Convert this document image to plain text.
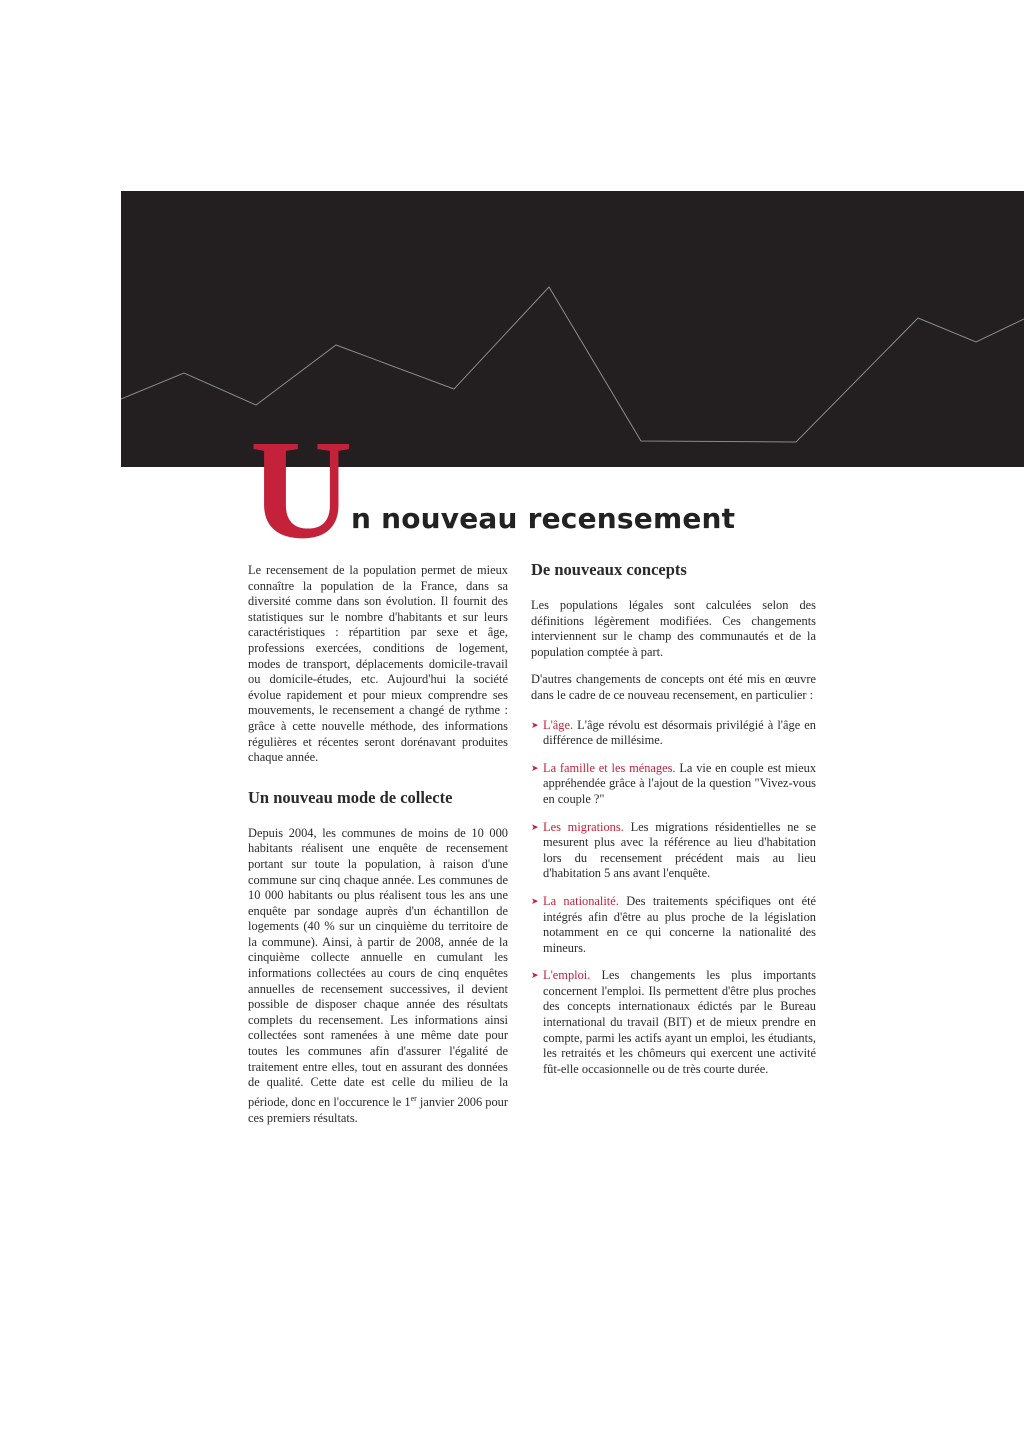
U
n nouveau recensement

Le recensement de la population permet de mieux connaître la population de la France, dans sa diversité comme dans son évolution. Il fournit des statistiques sur le nombre d'habitants et sur leurs caractéristiques : répartition par sexe et âge, professions exercées, conditions de logement, modes de transport, déplacements domicile-travail ou domicile-études, etc. Aujourd'hui la société évolue rapidement et pour mieux comprendre ses mouvements, le recensement a changé de rythme : grâce à cette nouvelle méthode, des informations régulières et récentes seront dorénavant produites chaque année.

Un nouveau mode de collecte

Depuis 2004, les communes de moins de 10 000 habitants réalisent une enquête de recensement portant sur toute la population, à raison d'une commune sur cinq chaque année. Les communes de 10 000 habitants ou plus réalisent tous les ans une enquête par sondage auprès d'un échantillon de logements (40 % sur un cinquième du territoire de la commune). Ainsi, à partir de 2008, année de la cinquième collecte annuelle en cumulant les informations collectées au cours de cinq enquêtes annuelles de recensement successives, il devient possible de disposer chaque année des résultats complets du recensement. Les informations ainsi collectées sont ramenées à une même date pour toutes les communes afin d'assurer l'égalité de traitement entre elles, tout en assurant des données de qualité. Cette date est celle du milieu de la période, donc en l'occurence le 1er janvier 2006 pour ces premiers résultats.

De nouveaux concepts

Les populations légales sont calculées selon des définitions légèrement modifiées. Ces changements interviennent sur le champ des communautés et de la population comptée à part.

D'autres changements de concepts ont été mis en œuvre dans le cadre de ce nouveau recensement, en particulier :

➤ L'âge. L'âge révolu est désormais privilégié à l'âge en différence de millésime.
➤ La famille et les ménages. La vie en couple est mieux appréhendée grâce à l'ajout de la question "Vivez-vous en couple ?"
➤ Les migrations. Les migrations résidentielles ne se mesurent plus avec la référence au lieu d'habitation lors du recensement précédent mais au lieu d'habitation 5 ans avant l'enquête.
➤ La nationalité. Des traitements spécifiques ont été intégrés afin d'être au plus proche de la législation notamment en ce qui concerne la nationalité des mineurs.
➤ L'emploi. Les changements les plus importants concernent l'emploi. Ils permettent d'être plus proches des concepts internationaux édictés par le Bureau international du travail (BIT) et de mieux prendre en compte, parmi les actifs ayant un emploi, les étudiants, les retraités et les chômeurs qui exercent une activité fût-elle occasionnelle ou de très courte durée.
